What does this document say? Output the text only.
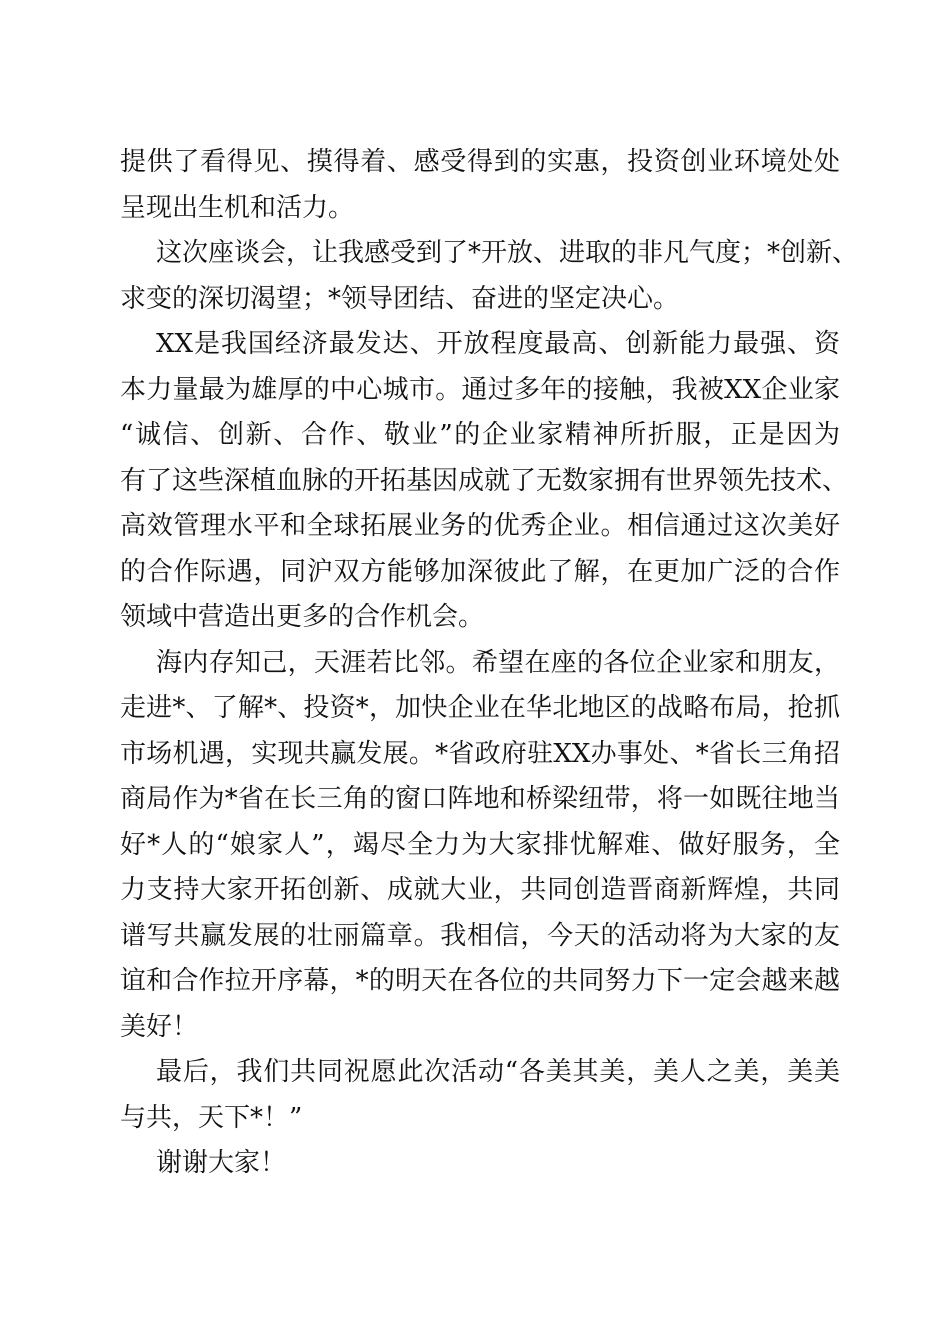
提供了看得见、摸得着、感受得到的实惠，投资创业环境处处
呈现出生机和活力。
这次座谈会，让我感受到了*开放、进取的非凡气度；*创新、
求变的深切渴望；*领导团结、奋进的坚定决心。
XX是我国经济最发达、开放程度最高、创新能力最强、资
本力量最为雄厚的中心城市。通过多年的接触，我被XX企业家
“诚信、创新、合作、敬业”的企业家精神所折服，正是因为
有了这些深植血脉的开拓基因成就了无数家拥有世界领先技术、
高效管理水平和全球拓展业务的优秀企业。相信通过这次美好
的合作际遇，同沪双方能够加深彼此了解，在更加广泛的合作
领域中营造出更多的合作机会。
海内存知己，天涯若比邻。希望在座的各位企业家和朋友，
走进*、了解*、投资*，加快企业在华北地区的战略布局，抢抓
市场机遇，实现共赢发展。*省政府驻XX办事处、*省长三角招
商局作为*省在长三角的窗口阵地和桥梁纽带，将一如既往地当
好*人的“娘家人”，竭尽全力为大家排忧解难、做好服务，全
力支持大家开拓创新、成就大业，共同创造晋商新辉煌，共同
谱写共赢发展的壮丽篇章。我相信，今天的活动将为大家的友
谊和合作拉开序幕，*的明天在各位的共同努力下一定会越来越
美好！
最后，我们共同祝愿此次活动“各美其美，美人之美，美美
与共，天下*！”
谢谢大家！
